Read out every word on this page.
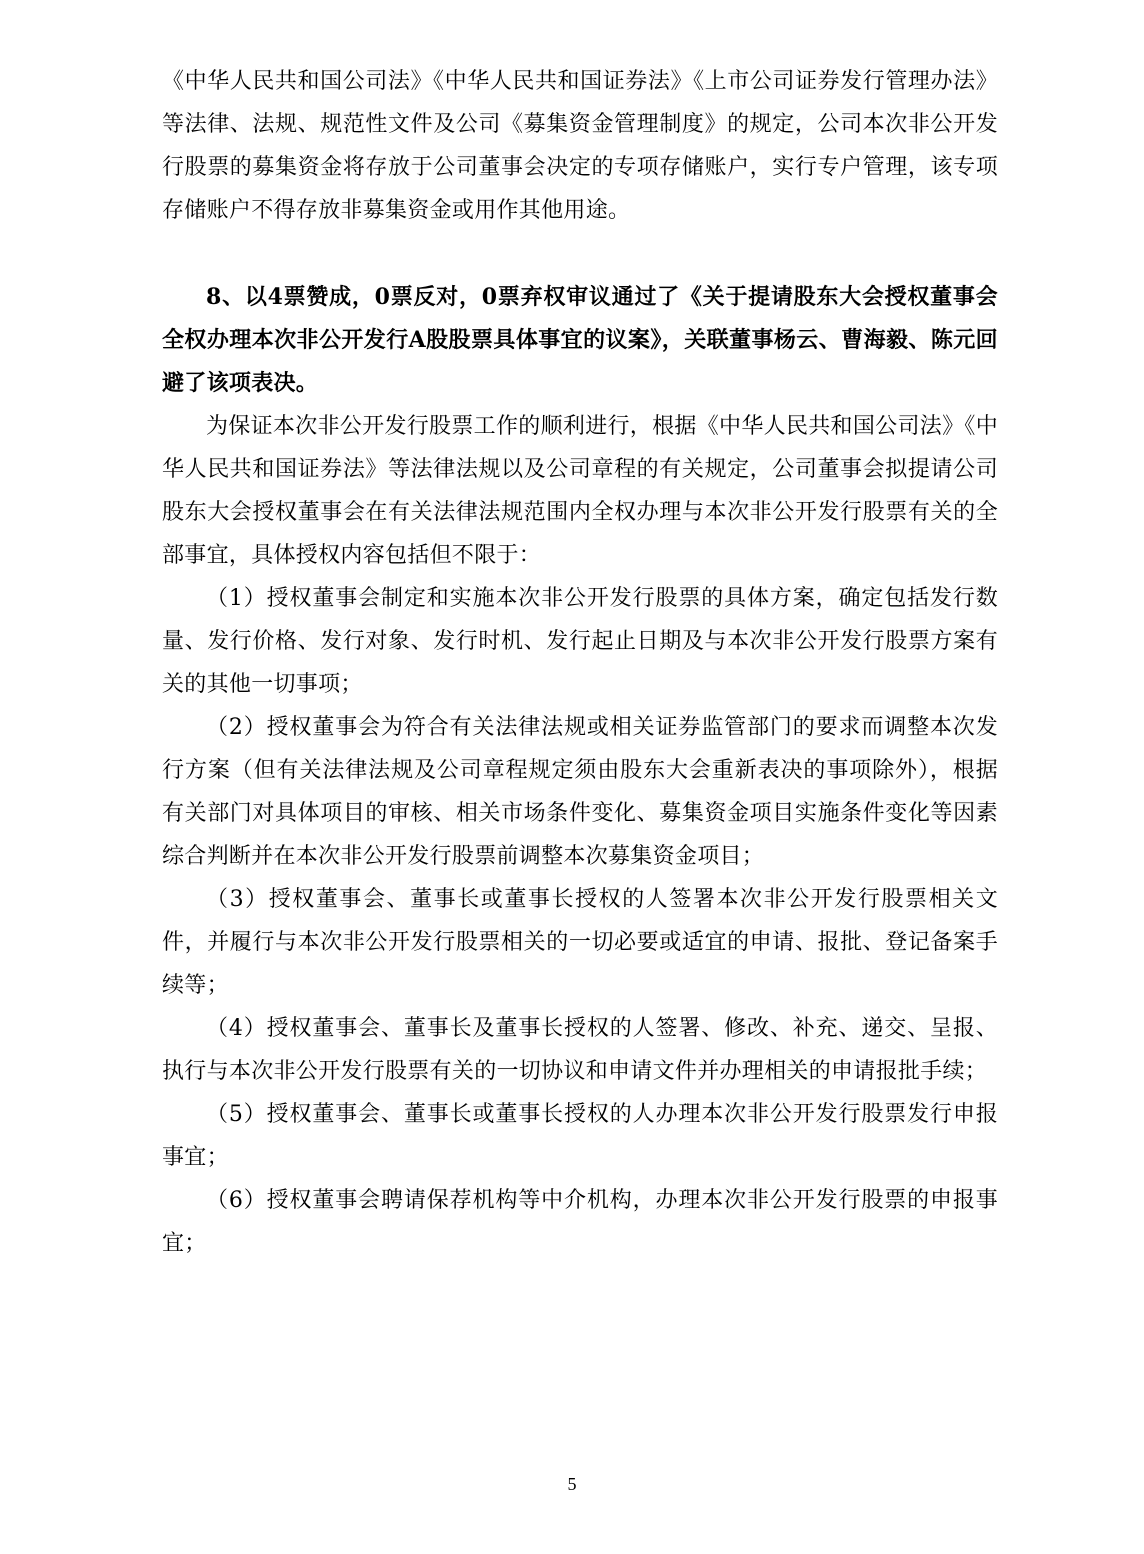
《中华人民共和国公司法》《中华人民共和国证券法》《上市公司证券发行管理办法》等法律、法规、规范性文件及公司《募集资金管理制度》的规定，公司本次非公开发行股票的募集资金将存放于公司董事会决定的专项存储账户，实行专户管理，该专项存储账户不得存放非募集资金或用作其他用途。

8、以4票赞成，0票反对，0票弃权审议通过了《关于提请股东大会授权董事会全权办理本次非公开发行A股股票具体事宜的议案》，关联董事杨云、曹海毅、陈元回避了该项表决。

为保证本次非公开发行股票工作的顺利进行，根据《中华人民共和国公司法》《中华人民共和国证券法》等法律法规以及公司章程的有关规定，公司董事会拟提请公司股东大会授权董事会在有关法律法规范围内全权办理与本次非公开发行股票有关的全部事宜，具体授权内容包括但不限于：

（1）授权董事会制定和实施本次非公开发行股票的具体方案，确定包括发行数量、发行价格、发行对象、发行时机、发行起止日期及与本次非公开发行股票方案有关的其他一切事项；

（2）授权董事会为符合有关法律法规或相关证券监管部门的要求而调整本次发行方案（但有关法律法规及公司章程规定须由股东大会重新表决的事项除外），根据有关部门对具体项目的审核、相关市场条件变化、募集资金项目实施条件变化等因素综合判断并在本次非公开发行股票前调整本次募集资金项目；

（3）授权董事会、董事长或董事长授权的人签署本次非公开发行股票相关文件，并履行与本次非公开发行股票相关的一切必要或适宜的申请、报批、登记备案手续等；

（4）授权董事会、董事长及董事长授权的人签署、修改、补充、递交、呈报、执行与本次非公开发行股票有关的一切协议和申请文件并办理相关的申请报批手续；

（5）授权董事会、董事长或董事长授权的人办理本次非公开发行股票发行申报事宜；

（6）授权董事会聘请保荐机构等中介机构，办理本次非公开发行股票的申报事宜；

5
